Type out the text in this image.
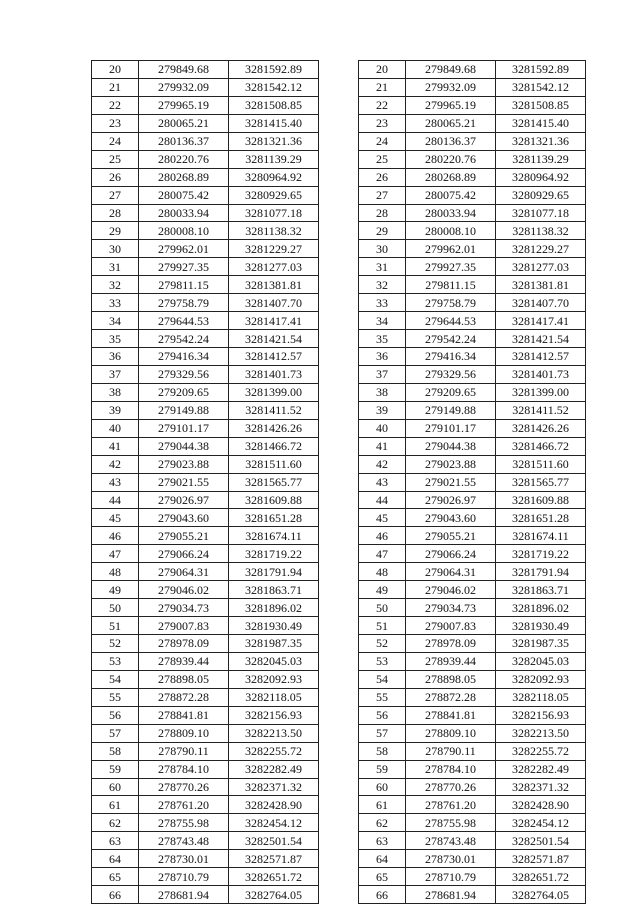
20	279849.68	3281592.89
21	279932.09	3281542.12
22	279965.19	3281508.85
23	280065.21	3281415.40
24	280136.37	3281321.36
25	280220.76	3281139.29
26	280268.89	3280964.92
27	280075.42	3280929.65
28	280033.94	3281077.18
29	280008.10	3281138.32
30	279962.01	3281229.27
31	279927.35	3281277.03
32	279811.15	3281381.81
33	279758.79	3281407.70
34	279644.53	3281417.41
35	279542.24	3281421.54
36	279416.34	3281412.57
37	279329.56	3281401.73
38	279209.65	3281399.00
39	279149.88	3281411.52
40	279101.17	3281426.26
41	279044.38	3281466.72
42	279023.88	3281511.60
43	279021.55	3281565.77
44	279026.97	3281609.88
45	279043.60	3281651.28
46	279055.21	3281674.11
47	279066.24	3281719.22
48	279064.31	3281791.94
49	279046.02	3281863.71
50	279034.73	3281896.02
51	279007.83	3281930.49
52	278978.09	3281987.35
53	278939.44	3282045.03
54	278898.05	3282092.93
55	278872.28	3282118.05
56	278841.81	3282156.93
57	278809.10	3282213.50
58	278790.11	3282255.72
59	278784.10	3282282.49
60	278770.26	3282371.32
61	278761.20	3282428.90
62	278755.98	3282454.12
63	278743.48	3282501.54
64	278730.01	3282571.87
65	278710.79	3282651.72
66	278681.94	3282764.05
20	279849.68	3281592.89
21	279932.09	3281542.12
22	279965.19	3281508.85
23	280065.21	3281415.40
24	280136.37	3281321.36
25	280220.76	3281139.29
26	280268.89	3280964.92
27	280075.42	3280929.65
28	280033.94	3281077.18
29	280008.10	3281138.32
30	279962.01	3281229.27
31	279927.35	3281277.03
32	279811.15	3281381.81
33	279758.79	3281407.70
34	279644.53	3281417.41
35	279542.24	3281421.54
36	279416.34	3281412.57
37	279329.56	3281401.73
38	279209.65	3281399.00
39	279149.88	3281411.52
40	279101.17	3281426.26
41	279044.38	3281466.72
42	279023.88	3281511.60
43	279021.55	3281565.77
44	279026.97	3281609.88
45	279043.60	3281651.28
46	279055.21	3281674.11
47	279066.24	3281719.22
48	279064.31	3281791.94
49	279046.02	3281863.71
50	279034.73	3281896.02
51	279007.83	3281930.49
52	278978.09	3281987.35
53	278939.44	3282045.03
54	278898.05	3282092.93
55	278872.28	3282118.05
56	278841.81	3282156.93
57	278809.10	3282213.50
58	278790.11	3282255.72
59	278784.10	3282282.49
60	278770.26	3282371.32
61	278761.20	3282428.90
62	278755.98	3282454.12
63	278743.48	3282501.54
64	278730.01	3282571.87
65	278710.79	3282651.72
66	278681.94	3282764.05
